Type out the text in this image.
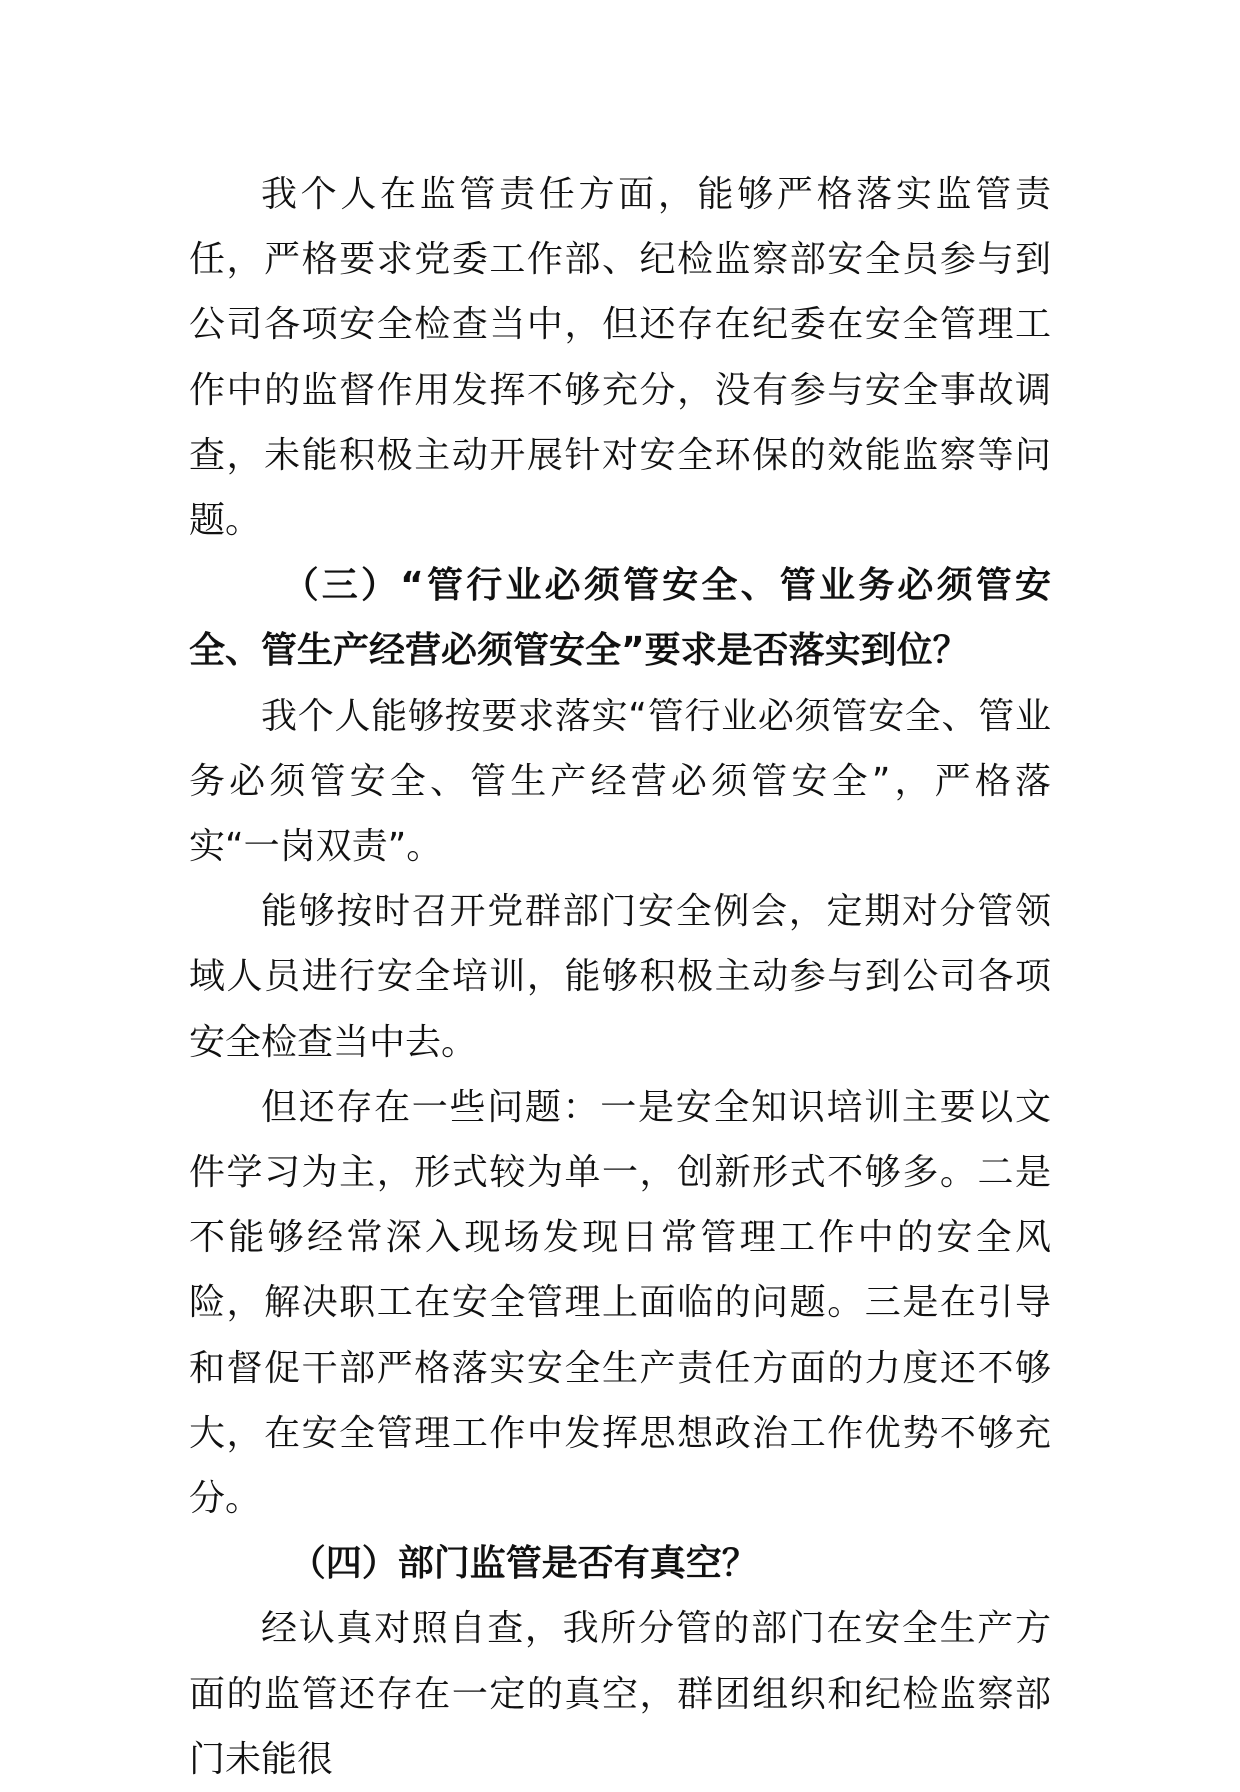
我个人在监管责任方面，能够严格落实监管责任，严格要求党委工作部、纪检监察部安全员参与到公司各项安全检查当中，但还存在纪委在安全管理工作中的监督作用发挥不够充分，没有参与安全事故调查，未能积极主动开展针对安全环保的效能监察等问题。

（三）“管行业必须管安全、管业务必须管安全、管生产经营必须管安全”要求是否落实到位？

我个人能够按要求落实“管行业必须管安全、管业务必须管安全、管生产经营必须管安全”，严格落实“一岗双责”。

能够按时召开党群部门安全例会，定期对分管领域人员进行安全培训，能够积极主动参与到公司各项安全检查当中去。

但还存在一些问题：一是安全知识培训主要以文件学习为主，形式较为单一，创新形式不够多。二是不能够经常深入现场发现日常管理工作中的安全风险，解决职工在安全管理上面临的问题。三是在引导和督促干部严格落实安全生产责任方面的力度还不够大，在安全管理工作中发挥思想政治工作优势不够充分。

（四）部门监管是否有真空？

经认真对照自查，我所分管的部门在安全生产方面的监管还存在一定的真空，群团组织和纪检监察部门未能很
